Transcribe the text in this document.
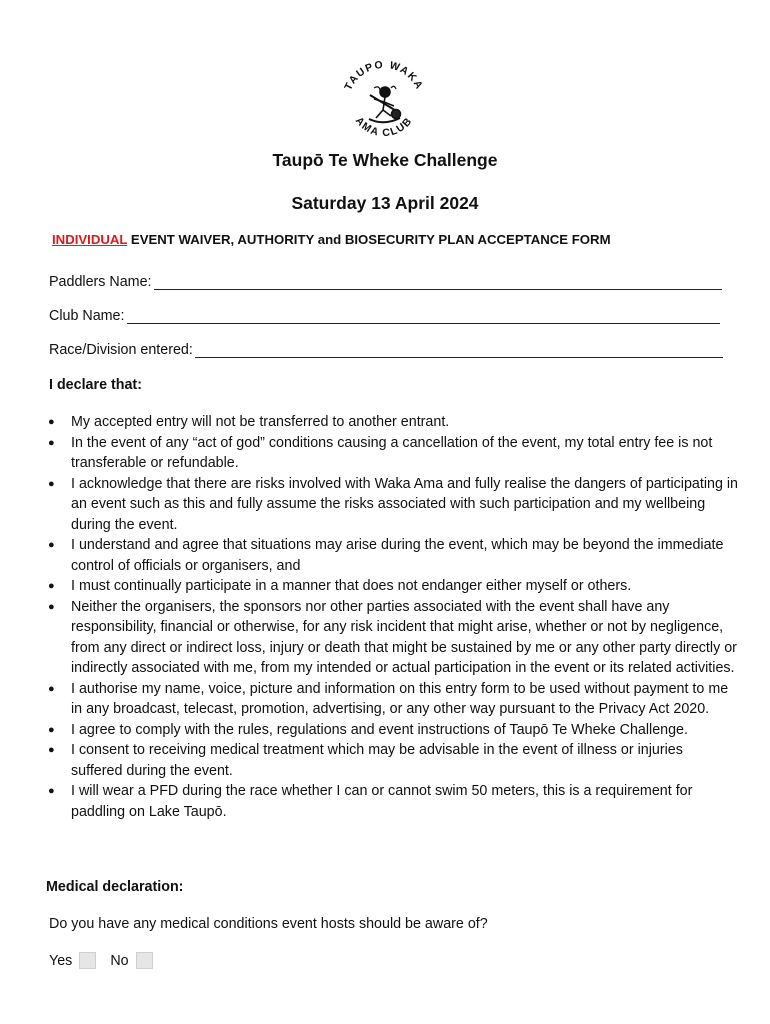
TAUPO WAKA
AMA CLUB
Taupō Te Wheke Challenge
Saturday 13 April 2024
INDIVIDUAL EVENT WAIVER, AUTHORITY and BIOSECURITY PLAN ACCEPTANCE FORM
Paddlers Name:
Club Name:
Race/Division entered:
I declare that:
● My accepted entry will not be transferred to another entrant.
● In the event of any “act of god” conditions causing a cancellation of the event, my total entry fee is not transferable or refundable.
● I acknowledge that there are risks involved with Waka Ama and fully realise the dangers of participating in an event such as this and fully assume the risks associated with such participation and my wellbeing during the event.
● I understand and agree that situations may arise during the event, which may be beyond the immediate control of officials or organisers, and
● I must continually participate in a manner that does not endanger either myself or others.
● Neither the organisers, the sponsors nor other parties associated with the event shall have any responsibility, financial or otherwise, for any risk incident that might arise, whether or not by negligence, from any direct or indirect loss, injury or death that might be sustained by me or any other party directly or indirectly associated with me, from my intended or actual participation in the event or its related activities.
● I authorise my name, voice, picture and information on this entry form to be used without payment to me in any broadcast, telecast, promotion, advertising, or any other way pursuant to the Privacy Act 2020.
● I agree to comply with the rules, regulations and event instructions of Taupō Te Wheke Challenge.
● I consent to receiving medical treatment which may be advisable in the event of illness or injuries suffered during the event.
● I will wear a PFD during the race whether I can or cannot swim 50 meters, this is a requirement for paddling on Lake Taupō.
Medical declaration:
Do you have any medical conditions event hosts should be aware of?
Yes	No
